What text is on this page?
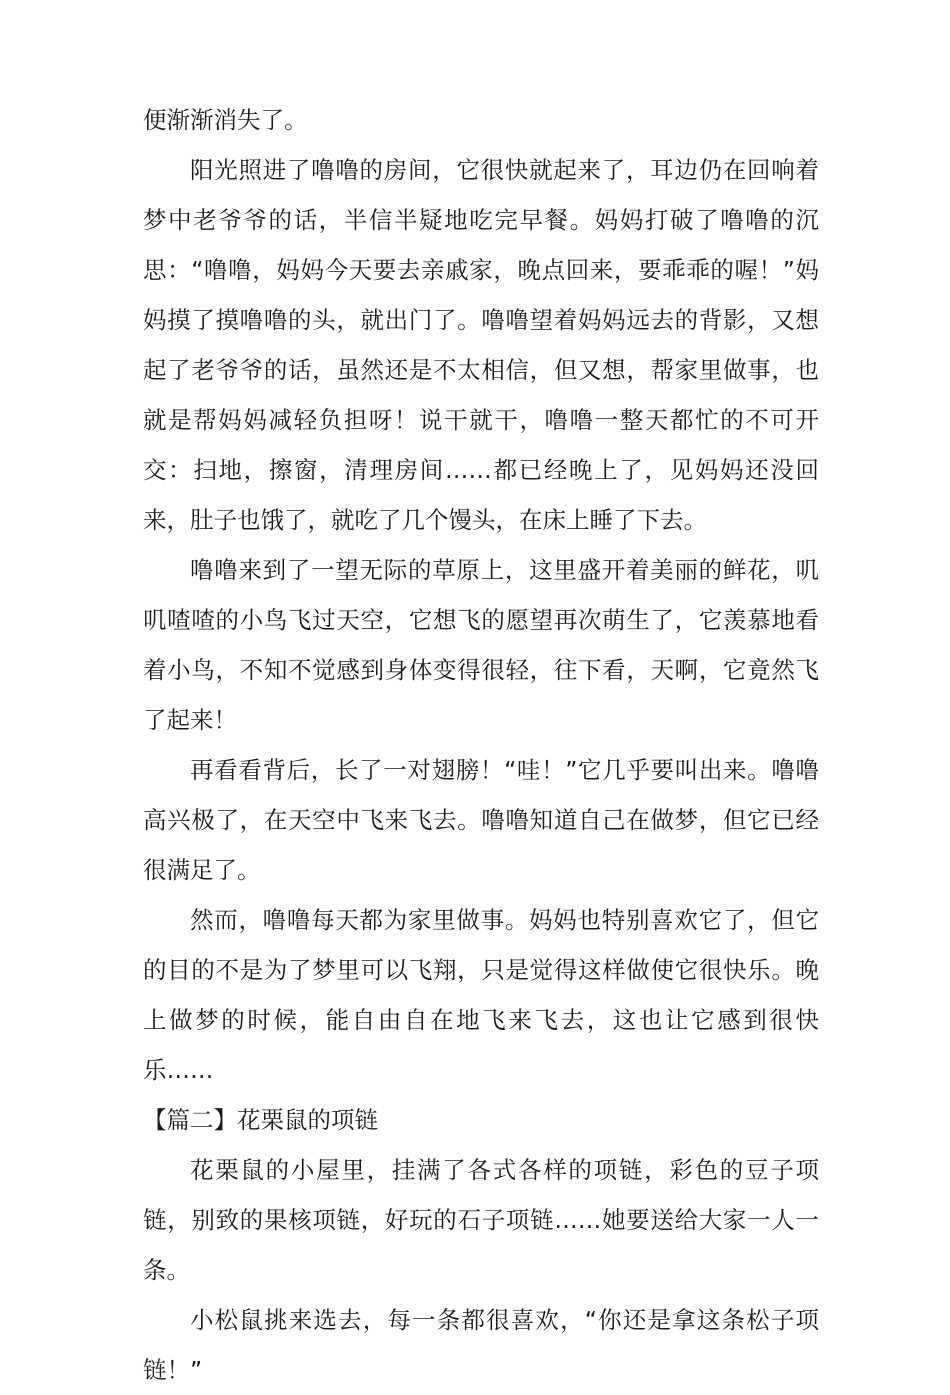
便渐渐消失了。

阳光照进了噜噜的房间，它很快就起来了，耳边仍在回响着梦中老爷爷的话，半信半疑地吃完早餐。妈妈打破了噜噜的沉思：“噜噜，妈妈今天要去亲戚家，晚点回来，要乖乖的喔！”妈妈摸了摸噜噜的头，就出门了。噜噜望着妈妈远去的背影，又想起了老爷爷的话，虽然还是不太相信，但又想，帮家里做事，也就是帮妈妈减轻负担呀！说干就干，噜噜一整天都忙的不可开交：扫地，擦窗，清理房间……都已经晚上了，见妈妈还没回来，肚子也饿了，就吃了几个馒头，在床上睡了下去。

噜噜来到了一望无际的草原上，这里盛开着美丽的鲜花，叽叽喳喳的小鸟飞过天空，它想飞的愿望再次萌生了，它羡慕地看着小鸟，不知不觉感到身体变得很轻，往下看，天啊，它竟然飞了起来！

再看看背后，长了一对翅膀！“哇！”它几乎要叫出来。噜噜高兴极了，在天空中飞来飞去。噜噜知道自己在做梦，但它已经很满足了。

然而，噜噜每天都为家里做事。妈妈也特别喜欢它了，但它的目的不是为了梦里可以飞翔，只是觉得这样做使它很快乐。晚上做梦的时候，能自由自在地飞来飞去，这也让它感到很快乐……

【篇二】花栗鼠的项链

花栗鼠的小屋里，挂满了各式各样的项链，彩色的豆子项链，别致的果核项链，好玩的石子项链……她要送给大家一人一条。

小松鼠挑来选去，每一条都很喜欢，“你还是拿这条松子项链！”
